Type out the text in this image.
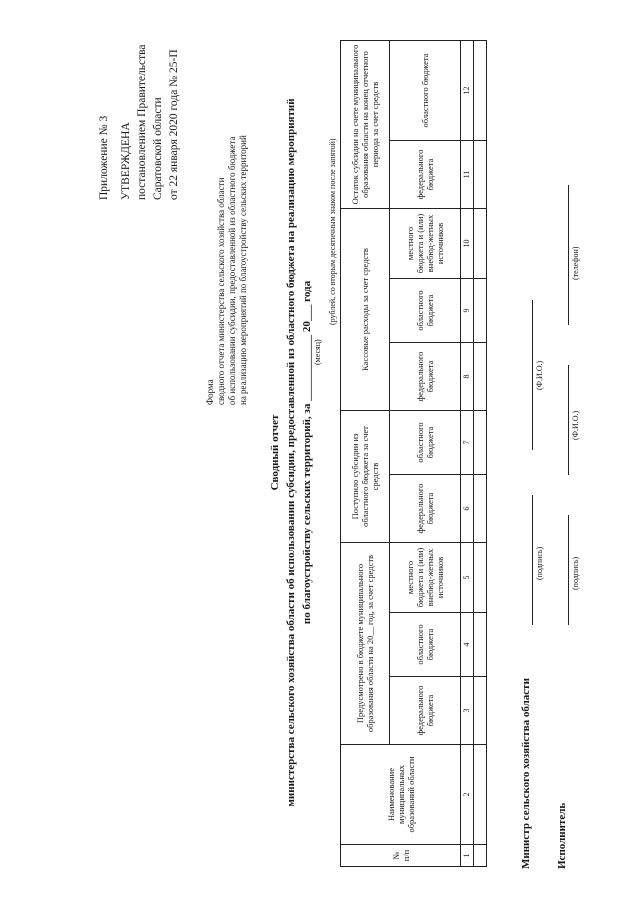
Приложение № 3 УТВЕРЖДЕНА постановлением Правительства Саратовской области от 22 января 2020 года № 25-П
Форма сводного отчета министерства сельского хозяйства области об использовании субсидии, предоставленной из областного бюджета на реализацию мероприятий по благоустройству сельских территорий
Сводный отчет министерства сельского хозяйства области об использовании субсидии, предоставленной из областного бюджета на реализацию мероприятий по благоустройству сельских территорий, за ____________ 20___ года (месяц)
(рублей, со вторым десятичным знаком после запятой)
№ п/п	Наименование муниципальных образований области	Предусмотрено в бюджете муниципального образования области на 20__ год, за счет средств			Поступило субсидии из областного бюджета за счет средств		Кассовые расходы за счет средств			Остаток субсидии на счете муниципального образования области на конец отчетного периода за счет средств	
		федерального бюджета	областного бюджета	местного бюджета и (или) внебюд-жетных источников	федерального бюджета	областного бюджета	федерального бюджета	областного бюджета	местного бюджета и (или) внебюд-жетных источников	федерального бюджета	областного бюджета
1	2	3	4	5	6	7	8	9	10	11	12

Министр сельского хозяйства области
(подпись)
(Ф.И.О.)
Исполнитель
(подпись)
(Ф.И.О.)
(телефон)
